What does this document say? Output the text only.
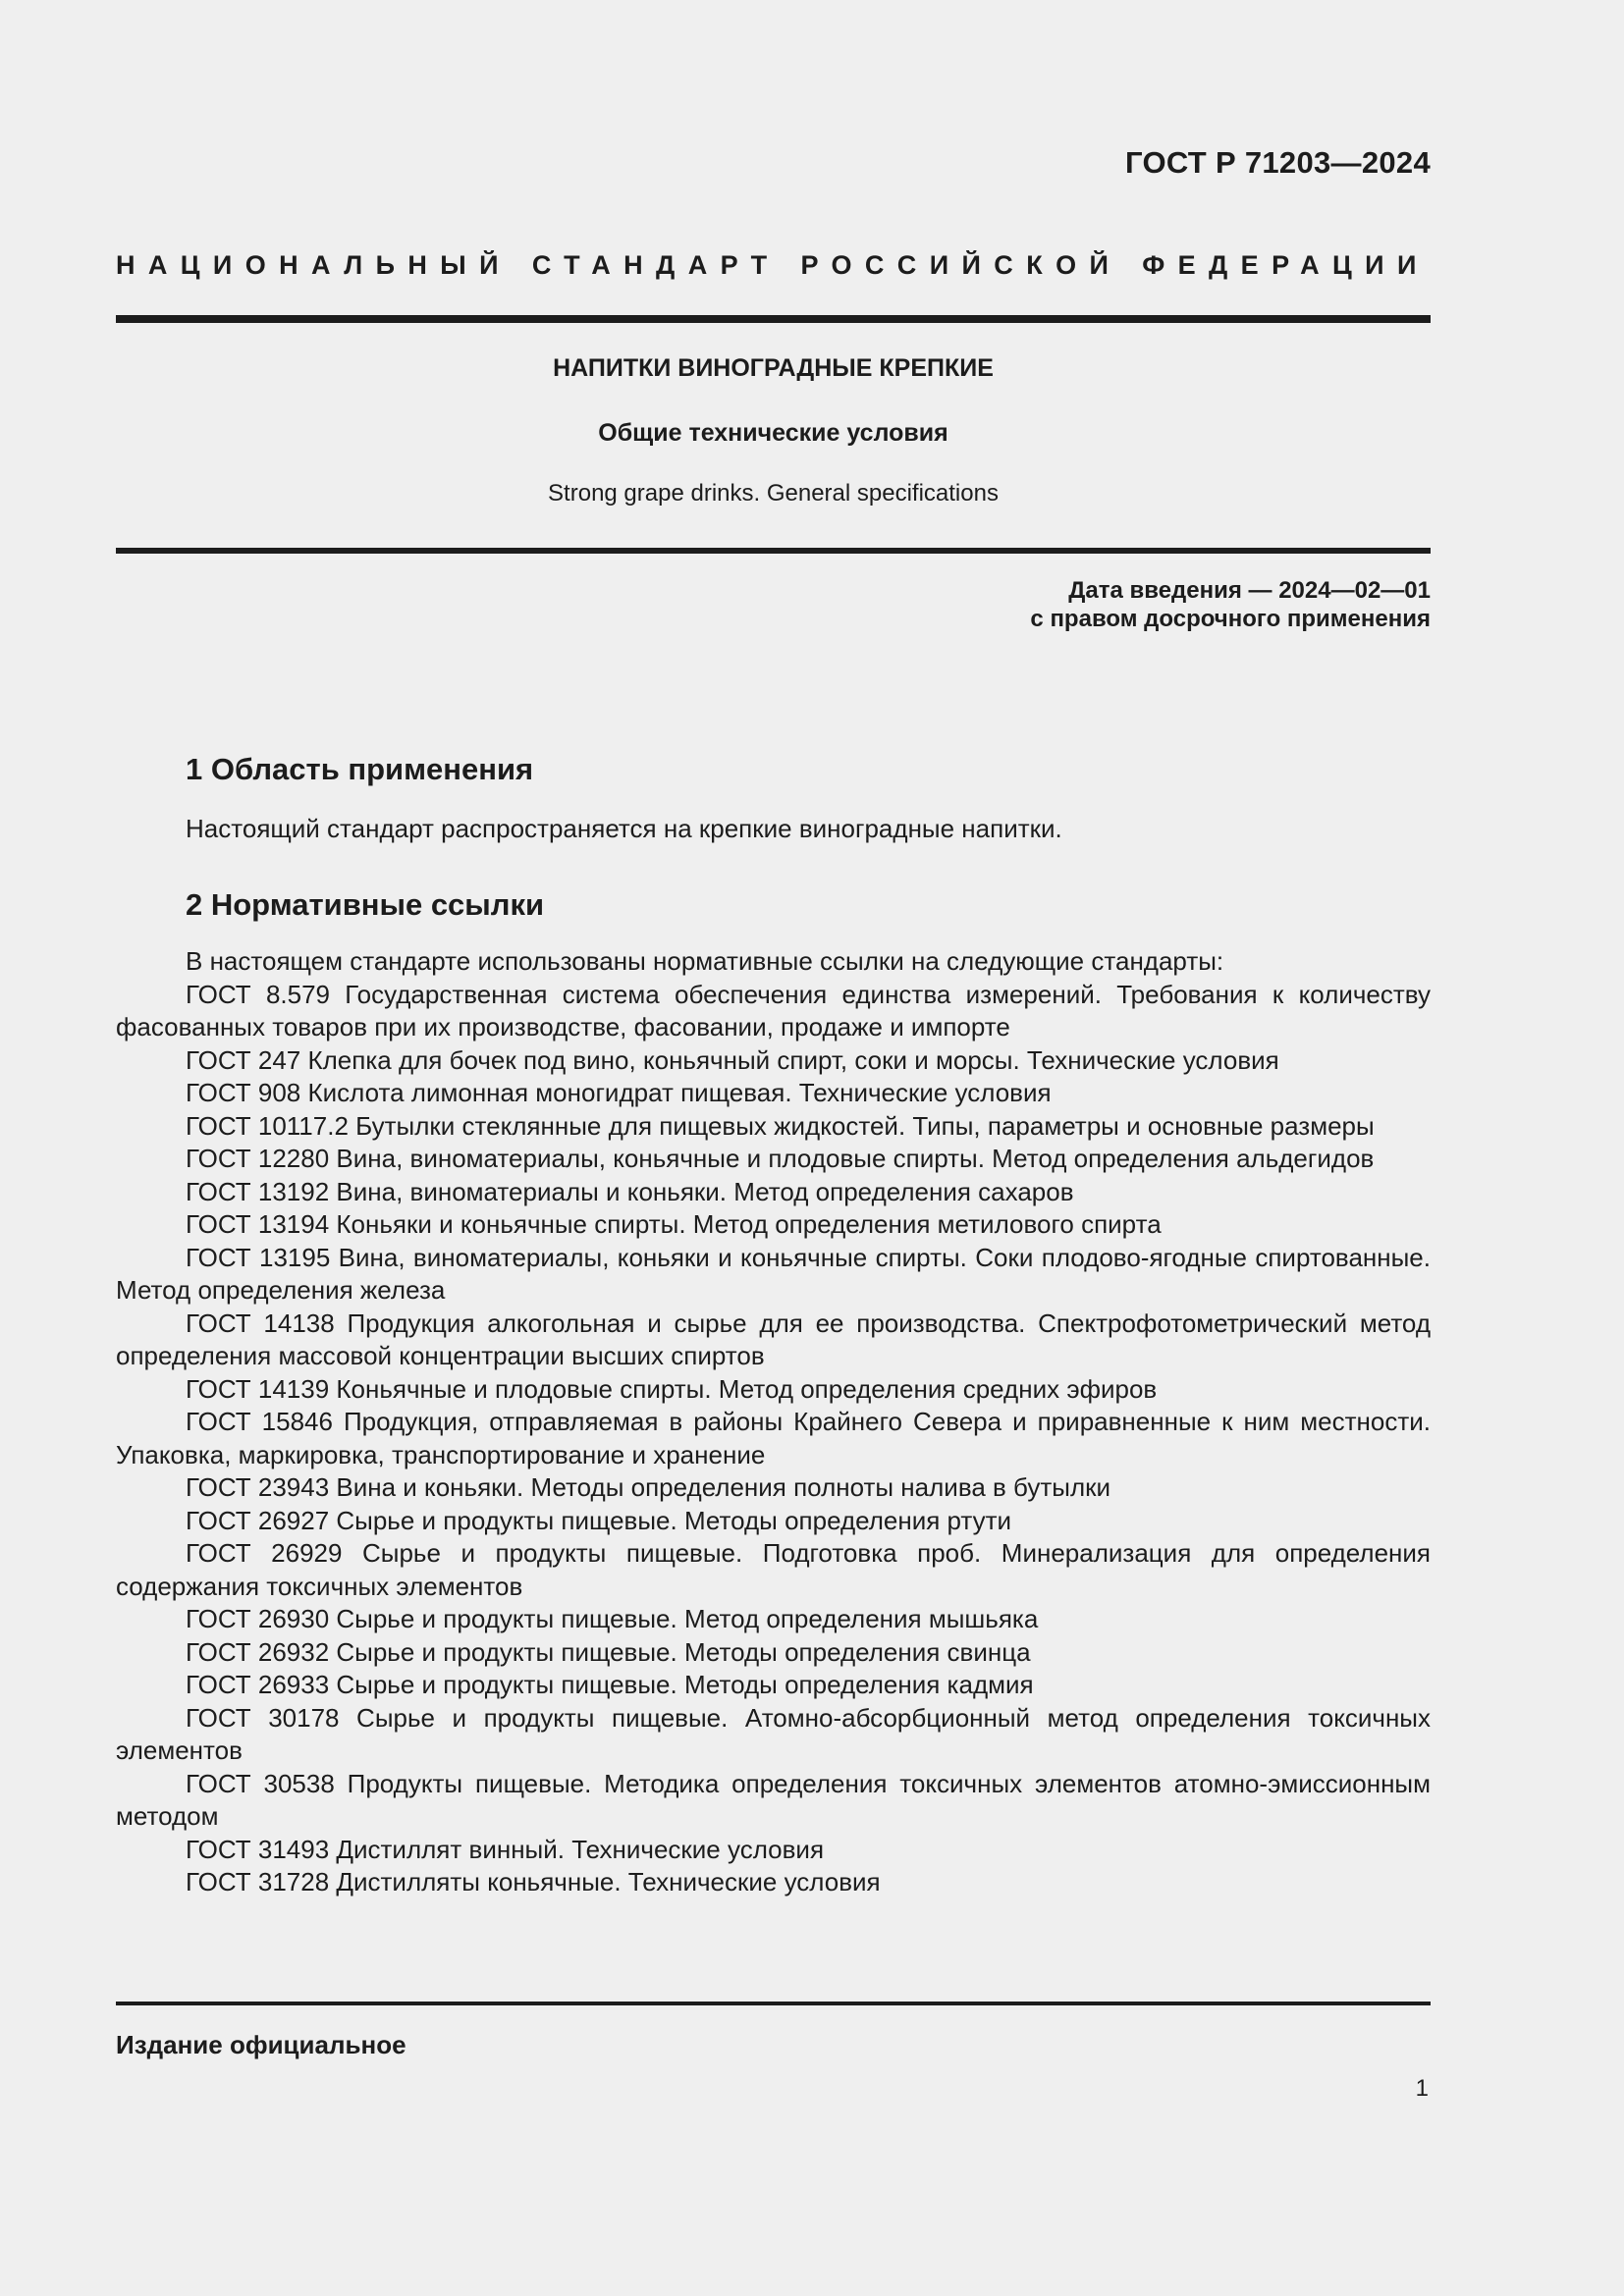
ГОСТ Р 71203—2024
НАЦИОНАЛЬНЫЙ СТАНДАРТ РОССИЙСКОЙ ФЕДЕРАЦИИ
НАПИТКИ ВИНОГРАДНЫЕ КРЕПКИЕ
Общие технические условия
Strong grape drinks. General specifications
Дата введения — 2024—02—01
с правом досрочного применения
1 Область применения
Настоящий стандарт распространяется на крепкие виноградные напитки.
2 Нормативные ссылки
В настоящем стандарте использованы нормативные ссылки на следующие стандарты:
ГОСТ 8.579 Государственная система обеспечения единства измерений. Требования к количеству фасованных товаров при их производстве, фасовании, продаже и импорте
ГОСТ 247 Клепка для бочек под вино, коньячный спирт, соки и морсы. Технические условия
ГОСТ 908 Кислота лимонная моногидрат пищевая. Технические условия
ГОСТ 10117.2 Бутылки стеклянные для пищевых жидкостей. Типы, параметры и основные размеры
ГОСТ 12280 Вина, виноматериалы, коньячные и плодовые спирты. Метод определения альдегидов
ГОСТ 13192 Вина, виноматериалы и коньяки. Метод определения сахаров
ГОСТ 13194 Коньяки и коньячные спирты. Метод определения метилового спирта
ГОСТ 13195 Вина, виноматериалы, коньяки и коньячные спирты. Соки плодово-ягодные спиртованные. Метод определения железа
ГОСТ 14138 Продукция алкогольная и сырье для ее производства. Спектрофотометрический метод определения массовой концентрации высших спиртов
ГОСТ 14139 Коньячные и плодовые спирты. Метод определения средних эфиров
ГОСТ 15846 Продукция, отправляемая в районы Крайнего Севера и приравненные к ним местности. Упаковка, маркировка, транспортирование и хранение
ГОСТ 23943 Вина и коньяки. Методы определения полноты налива в бутылки
ГОСТ 26927 Сырье и продукты пищевые. Методы определения ртути
ГОСТ 26929 Сырье и продукты пищевые. Подготовка проб. Минерализация для определения содержания токсичных элементов
ГОСТ 26930 Сырье и продукты пищевые. Метод определения мышьяка
ГОСТ 26932 Сырье и продукты пищевые. Методы определения свинца
ГОСТ 26933 Сырье и продукты пищевые. Методы определения кадмия
ГОСТ 30178 Сырье и продукты пищевые. Атомно-абсорбционный метод определения токсичных элементов
ГОСТ 30538 Продукты пищевые. Методика определения токсичных элементов атомно-эмиссионным методом
ГОСТ 31493 Дистиллят винный. Технические условия
ГОСТ 31728 Дистилляты коньячные. Технические условия
Издание официальное
1
